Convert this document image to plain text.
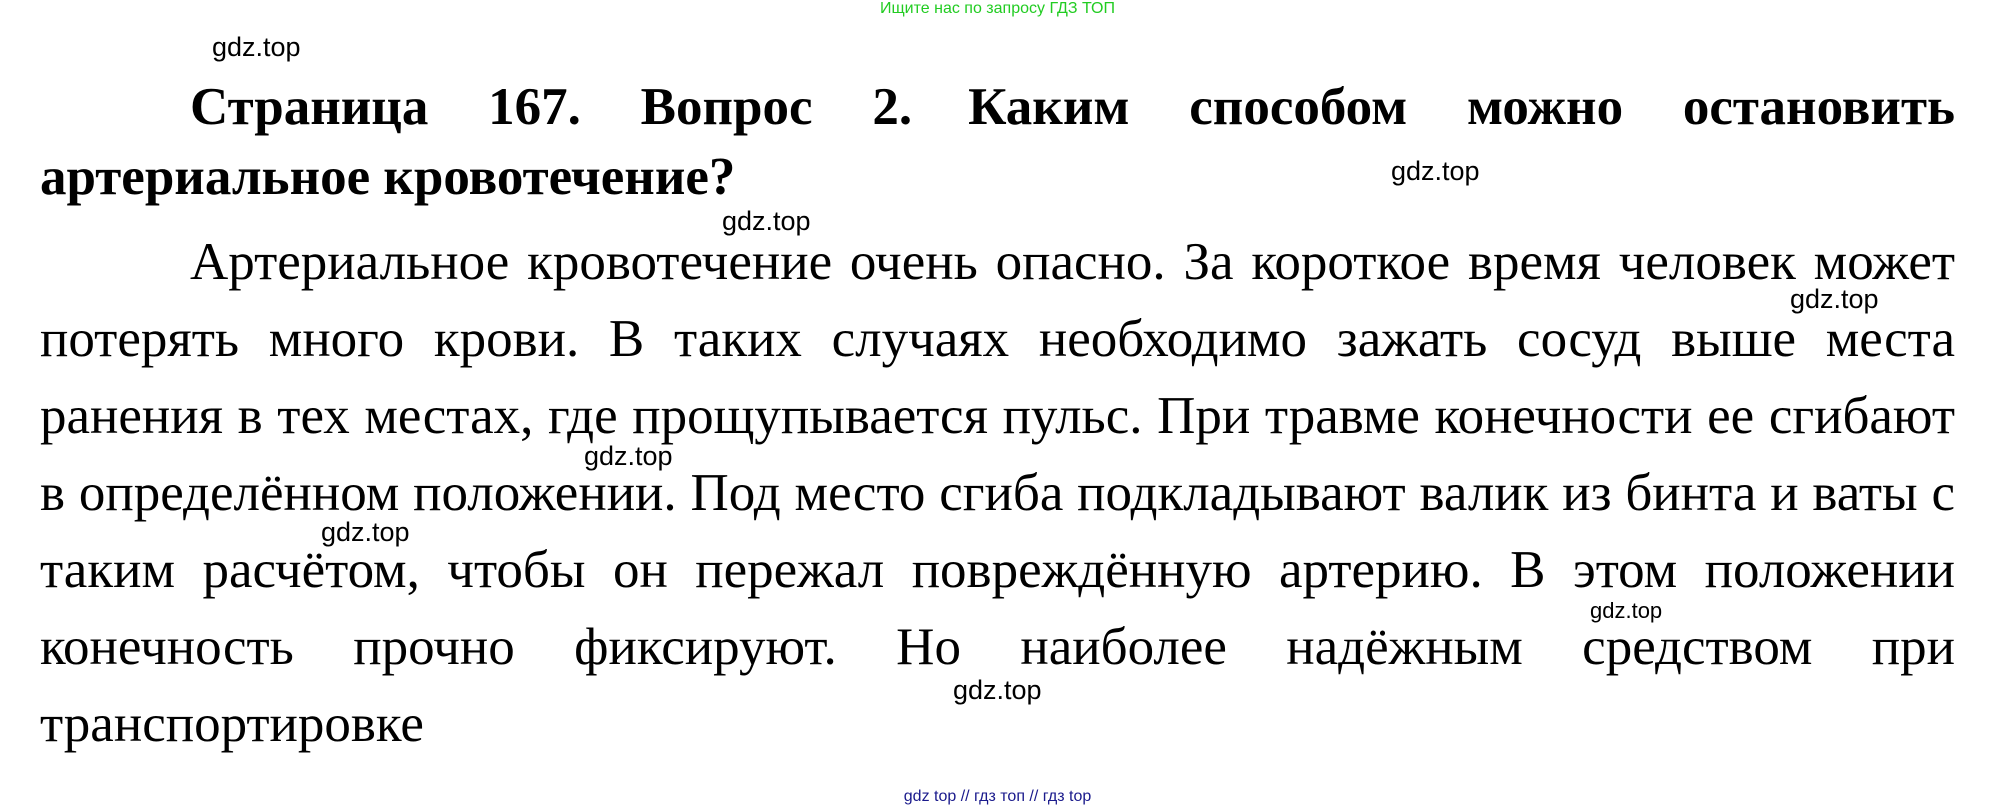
Ищите нас по запросу ГДЗ ТОП
gdz.top
gdz.top
gdz.top
gdz.top
gdz.top
gdz.top
gdz.top
gdz.top
Страница 167. Вопрос 2. Каким способом можно остановить артериальное кровотечение?
Артериальное кровотечение очень опасно. За короткое время человек может потерять много крови. В таких случаях необходимо зажать сосуд выше места ранения в тех местах, где прощупывается пульс. При травме конечности ее сгибают в определённом положении. Под место сгиба подкладывают валик из бинта и ваты с таким расчётом, чтобы он пережал повреждённую артерию. В этом положении конечность прочно фиксируют. Но наиболее надёжным средством при транспортировке
gdz top // гдз топ // гдз top
